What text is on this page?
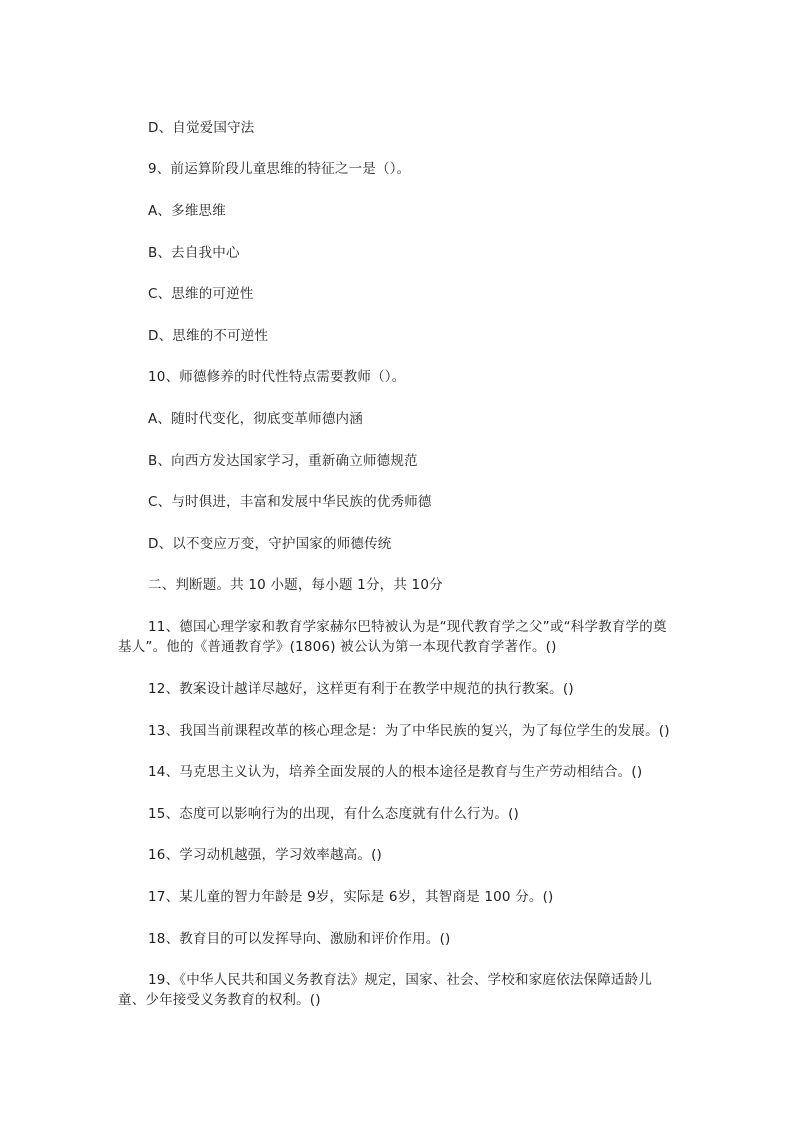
D、自觉爱国守法
9、前运算阶段儿童思维的特征之一是（）。
A、多维思维
B、去自我中心
C、思维的可逆性
D、思维的不可逆性
10、师德修养的时代性特点需要教师（）。
A、随时代变化，彻底变革师德内涵
B、向西方发达国家学习，重新确立师德规范
C、与时俱进，丰富和发展中华民族的优秀师德
D、以不变应万变，守护国家的师德传统
二、判断题。共 10 小题，每小题 1分，共 10分
11、德国心理学家和教育学家赫尔巴特被认为是“现代教育学之父”或“科学教育学的奠基人”。他的《普通教育学》(1806) 被公认为第一本现代教育学著作。()
12、教案设计越详尽越好，这样更有利于在教学中规范的执行教案。()
13、我国当前课程改革的核心理念是：为了中华民族的复兴，为了每位学生的发展。()
14、马克思主义认为，培养全面发展的人的根本途径是教育与生产劳动相结合。()
15、态度可以影响行为的出现，有什么态度就有什么行为。()
16、学习动机越强，学习效率越高。()
17、某儿童的智力年龄是 9岁，实际是 6岁，其智商是 100 分。()
18、教育目的可以发挥导向、激励和评价作用。()
19、《中华人民共和国义务教育法》规定，国家、社会、学校和家庭依法保障适龄儿童、少年接受义务教育的权利。()
